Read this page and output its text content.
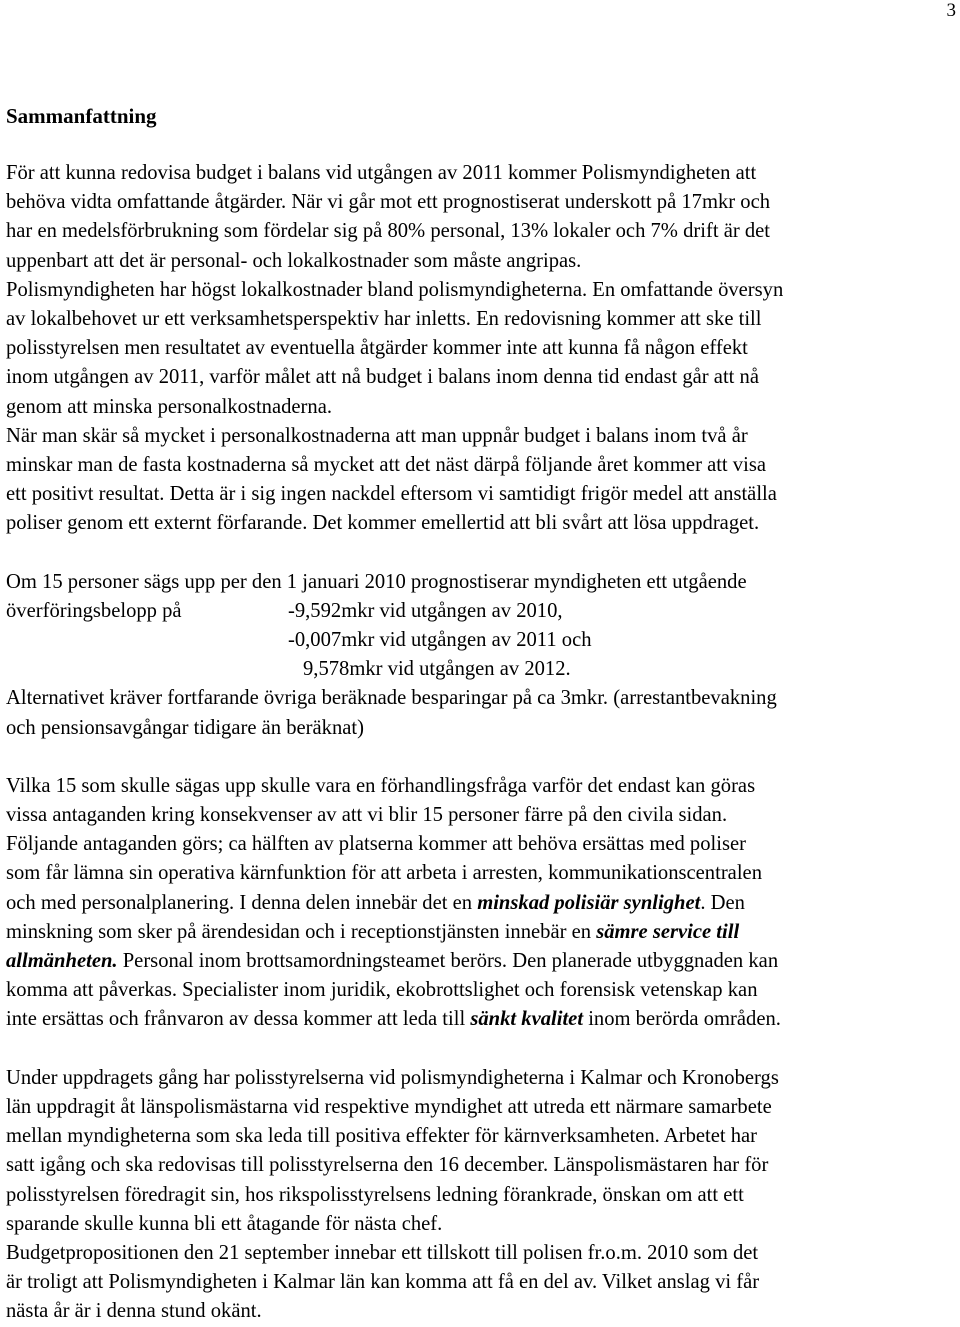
3
Sammanfattning

För att kunna redovisa budget i balans vid utgången av 2011 kommer Polismyndigheten att
behöva vidta omfattande åtgärder. När vi går mot ett prognostiserat underskott på 17mkr och
har en medelsförbrukning som fördelar sig på 80% personal, 13% lokaler och 7% drift är det
uppenbart att det är personal- och lokalkostnader som måste angripas.
Polismyndigheten har högst lokalkostnader bland polismyndigheterna. En omfattande översyn
av lokalbehovet ur ett verksamhetsperspektiv har inletts. En redovisning kommer att ske till
polisstyrelsen men resultatet av eventuella åtgärder kommer inte att kunna få någon effekt
inom utgången av 2011, varför målet att nå budget i balans inom denna tid endast går att nå
genom att minska personalkostnaderna.
När man skär så mycket i personalkostnaderna att man uppnår budget i balans inom två år
minskar man de fasta kostnaderna så mycket att det näst därpå följande året kommer att visa
ett positivt resultat. Detta är i sig ingen nackdel eftersom vi samtidigt frigör medel att anställa
poliser genom ett externt förfarande. Det kommer emellertid att bli svårt att lösa uppdraget.

Om 15 personer sägs upp per den 1 januari 2010 prognostiserar myndigheten ett utgående
överföringsbelopp på	-9,592mkr vid utgången av 2010,
-0,007mkr vid utgången av 2011 och
9,578mkr vid utgången av 2012.
Alternativet kräver fortfarande övriga beräknade besparingar på ca 3mkr. (arrestantbevakning
och pensionsavgångar tidigare än beräknat)

Vilka 15 som skulle sägas upp skulle vara en förhandlingsfråga varför det endast kan göras
vissa antaganden kring konsekvenser av att vi blir 15 personer färre på den civila sidan.
Följande antaganden görs; ca hälften av platserna kommer att behöva ersättas med poliser
som får lämna sin operativa kärnfunktion för att arbeta i arresten, kommunikationscentralen
och med personalplanering. I denna delen innebär det en minskad polisiär synlighet. Den
minskning som sker på ärendesidan och i receptionstjänsten innebär en sämre service till
allmänheten. Personal inom brottsamordningsteamet berörs. Den planerade utbyggnaden kan
komma att påverkas. Specialister inom juridik, ekobrottslighet och forensisk vetenskap kan
inte ersättas och frånvaron av dessa kommer att leda till sänkt kvalitet inom berörda områden.

Under uppdragets gång har polisstyrelserna vid polismyndigheterna i Kalmar och Kronobergs
län uppdragit åt länspolismästarna vid respektive myndighet att utreda ett närmare samarbete
mellan myndigheterna som ska leda till positiva effekter för kärnverksamheten. Arbetet har
satt igång och ska redovisas till polisstyrelserna den 16 december. Länspolismästaren har för
polisstyrelsen föredragit sin, hos rikspolisstyrelsens ledning förankrade, önskan om att ett
sparande skulle kunna bli ett åtagande för nästa chef.
Budgetpropositionen den 21 september innebar ett tillskott till polisen fr.o.m. 2010 som det
är troligt att Polismyndigheten i Kalmar län kan komma att få en del av. Vilket anslag vi får
nästa år är i denna stund okänt.
